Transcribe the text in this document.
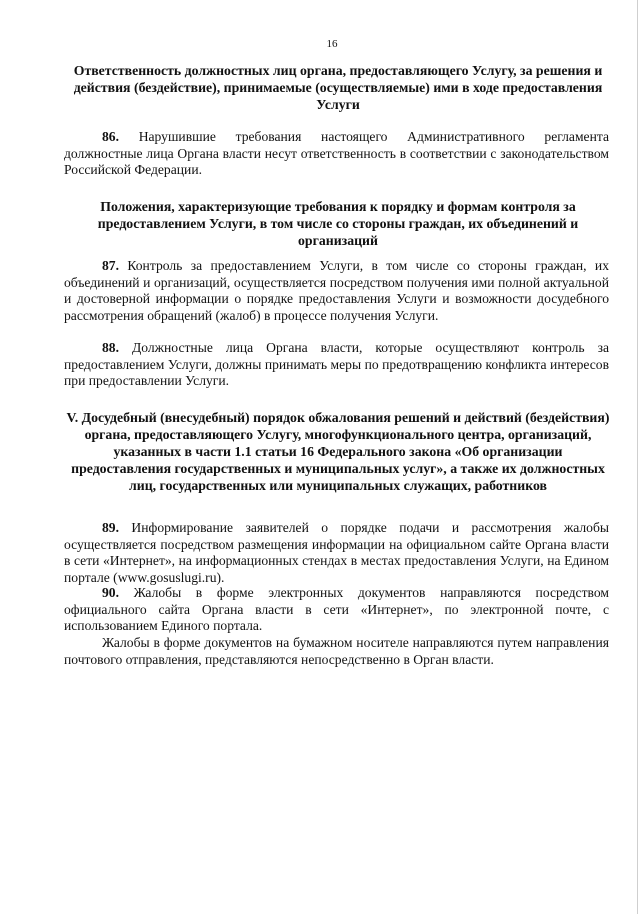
16
Ответственность должностных лиц органа, предоставляющего Услугу, за решения и действия (бездействие), принимаемые (осуществляемые) ими в ходе предоставления Услуги
86. Нарушившие требования настоящего Административного регламента должностные лица Органа власти несут ответственность в соответствии с законодательством Российской Федерации.
Положения, характеризующие требования к порядку и формам контроля за предоставлением Услуги, в том числе со стороны граждан, их объединений и организаций
87. Контроль за предоставлением Услуги, в том числе со стороны граждан, их объединений и организаций, осуществляется посредством получения ими полной актуальной и достоверной информации о порядке предоставления Услуги и возможности досудебного рассмотрения обращений (жалоб) в процессе получения Услуги.
88. Должностные лица Органа власти, которые осуществляют контроль за предоставлением Услуги, должны принимать меры по предотвращению конфликта интересов при предоставлении Услуги.
V. Досудебный (внесудебный) порядок обжалования решений и действий (бездействия) органа, предоставляющего Услугу, многофункционального центра, организаций, указанных в части 1.1 статьи 16 Федерального закона «Об организации предоставления государственных и муниципальных услуг», а также их должностных лиц, государственных или муниципальных служащих, работников
89. Информирование заявителей о порядке подачи и рассмотрения жалобы осуществляется посредством размещения информации на официальном сайте Органа власти в сети «Интернет», на информационных стендах в местах предоставления Услуги, на Едином портале (www.gosuslugi.ru).
90. Жалобы в форме электронных документов направляются посредством официального сайта Органа власти в сети «Интернет», по электронной почте, с использованием Единого портала.
Жалобы в форме документов на бумажном носителе направляются путем направления почтового отправления, представляются непосредственно в Орган власти.
